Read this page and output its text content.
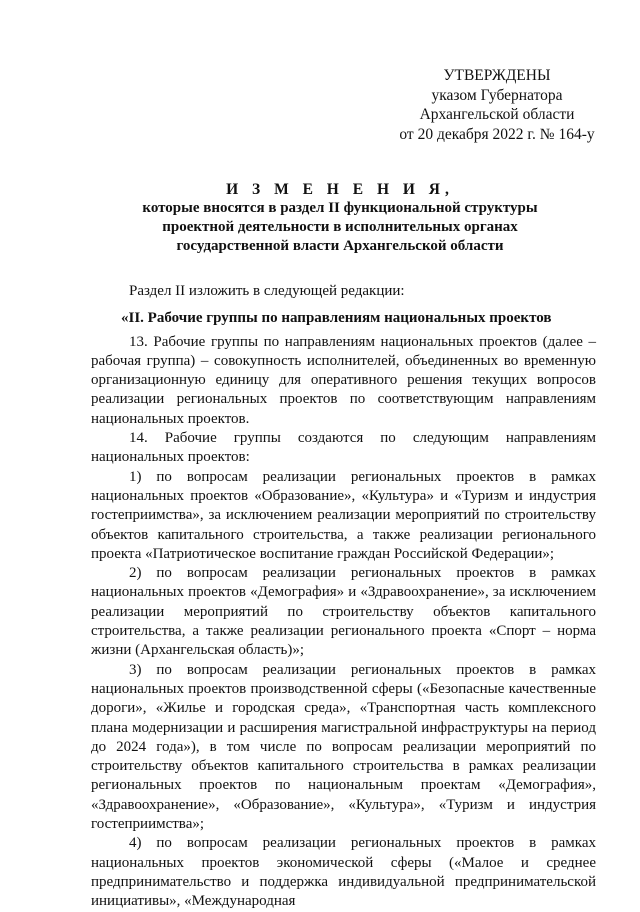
УТВЕРЖДЕНЫ
указом Губернатора
Архангельской области
от 20 декабря 2022 г. № 164-у
И З М Е Н Е Н И Я,
которые вносятся в раздел II функциональной структуры
проектной деятельности в исполнительных органах
государственной власти Архангельской области

Раздел II изложить в следующей редакции:

«II. Рабочие группы по направлениям национальных проектов

13. Рабочие группы по направлениям национальных проектов (далее – рабочая группа) – совокупность исполнителей, объединенных во временную организационную единицу для оперативного решения текущих вопросов реализации региональных проектов по соответствующим направлениям национальных проектов.

14. Рабочие группы создаются по следующим направлениям национальных проектов:

1) по вопросам реализации региональных проектов в рамках национальных проектов «Образование», «Культура» и «Туризм и индустрия гостеприимства», за исключением реализации мероприятий по строительству объектов капитального строительства, а также реализации регионального проекта «Патриотическое воспитание граждан Российской Федерации»;

2) по вопросам реализации региональных проектов в рамках национальных проектов «Демография» и «Здравоохранение», за исключением реализации мероприятий по строительству объектов капитального строительства, а также реализации регионального проекта «Спорт – норма жизни (Архангельская область)»;

3) по вопросам реализации региональных проектов в рамках национальных проектов производственной сферы («Безопасные качественные дороги», «Жилье и городская среда», «Транспортная часть комплексного плана модернизации и расширения магистральной инфраструктуры на период до 2024 года»), в том числе по вопросам реализации мероприятий по строительству объектов капитального строительства в рамках реализации региональных проектов по национальным проектам «Демография», «Здравоохранение», «Образование», «Культура», «Туризм и индустрия гостеприимства»;

4) по вопросам реализации региональных проектов в рамках национальных проектов экономической сферы («Малое и среднее предпринимательство и поддержка индивидуальной предпринимательской инициативы», «Международная
